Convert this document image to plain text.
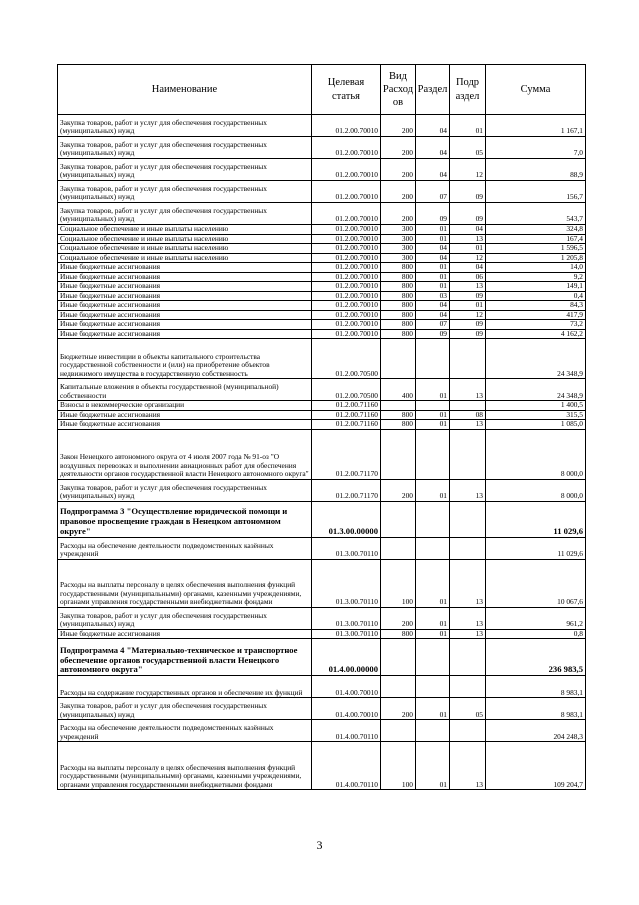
Наименование	Целевая статья	Вид Расход ов	Раздел	Подр аздел	Сумма
Закупка товаров, работ и услуг для обеспечения государственных (муниципальных) нужд	01.2.00.70010	200	04	01	1 167,1
Закупка товаров, работ и услуг для обеспечения государственных (муниципальных) нужд	01.2.00.70010	200	04	05	7,0
Закупка товаров, работ и услуг для обеспечения государственных (муниципальных) нужд	01.2.00.70010	200	04	12	88,9
Закупка товаров, работ и услуг для обеспечения государственных (муниципальных) нужд	01.2.00.70010	200	07	09	156,7
Закупка товаров, работ и услуг для обеспечения государственных (муниципальных) нужд	01.2.00.70010	200	09	09	543,7
Социальное обеспечение и иные выплаты населению	01.2.00.70010	300	01	04	324,8
Социальное обеспечение и иные выплаты населению	01.2.00.70010	300	01	13	167,4
Социальное обеспечение и иные выплаты населению	01.2.00.70010	300	04	01	1 596,5
Социальное обеспечение и иные выплаты населению	01.2.00.70010	300	04	12	1 205,8
Иные бюджетные ассигнования	01.2.00.70010	800	01	04	14,0
Иные бюджетные ассигнования	01.2.00.70010	800	01	06	9,2
Иные бюджетные ассигнования	01.2.00.70010	800	01	13	149,1
Иные бюджетные ассигнования	01.2.00.70010	800	03	09	0,4
Иные бюджетные ассигнования	01.2.00.70010	800	04	01	84,3
Иные бюджетные ассигнования	01.2.00.70010	800	04	12	417,9
Иные бюджетные ассигнования	01.2.00.70010	800	07	09	73,2
Иные бюджетные ассигнования	01.2.00.70010	800	09	09	4 162,2
Бюджетные инвестиции в объекты капитального строительства государственной собственности и (или) на приобретение объектов недвижимого имущества в государственную собственность	01.2.00.70500				24 348,9
Капитальные вложения в объекты государственной (муниципальной) собственности	01.2.00.70500	400	01	13	24 348,9
Взносы в некоммерческие организации	01.2.00.71160				1 400,5
Иные бюджетные ассигнования	01.2.00.71160	800	01	08	315,5
Иные бюджетные ассигнования	01.2.00.71160	800	01	13	1 085,0
Закон Ненецкого автономного округа от 4 июля 2007 года № 91-оз "О воздушных перевозках и выполнении авиационных работ для обеспечения деятельности органов государственной власти Ненецкого автономного округа"	01.2.00.71170				8 000,0
Закупка товаров, работ и услуг для обеспечения государственных (муниципальных) нужд	01.2.00.71170	200	01	13	8 000,0
Подпрограмма 3 "Осуществление юридической помощи и правовое просвещение граждан в Ненецком автономном округе"	01.3.00.00000				11 029,6
Расходы на обеспечение деятельности подведомственных казённых учреждений	01.3.00.70110				11 029,6
Расходы на выплаты персоналу в целях обеспечения выполнения функций государственными (муниципальными) органами, казенными учреждениями, органами управления государственными внебюджетными фондами	01.3.00.70110	100	01	13	10 067,6
Закупка товаров, работ и услуг для обеспечения государственных (муниципальных) нужд	01.3.00.70110	200	01	13	961,2
Иные бюджетные ассигнования	01.3.00.70110	800	01	13	0,8
Подпрограмма 4 "Материально-техническое и транспортное обеспечение органов государственной власти Ненецкого автономного округа"	01.4.00.00000				236 983,5
Расходы на содержание государственных органов и обеспечение их функций	01.4.00.70010				8 983,1
Закупка товаров, работ и услуг для обеспечения государственных (муниципальных) нужд	01.4.00.70010	200	01	05	8 983,1
Расходы на обеспечение деятельности подведомственных казённых учреждений	01.4.00.70110				204 248,3
Расходы на выплаты персоналу в целях обеспечения выполнения функций государственными (муниципальными) органами, казенными учреждениями, органами управления государственными внебюджетными фондами	01.4.00.70110	100	01	13	109 204,7
3
